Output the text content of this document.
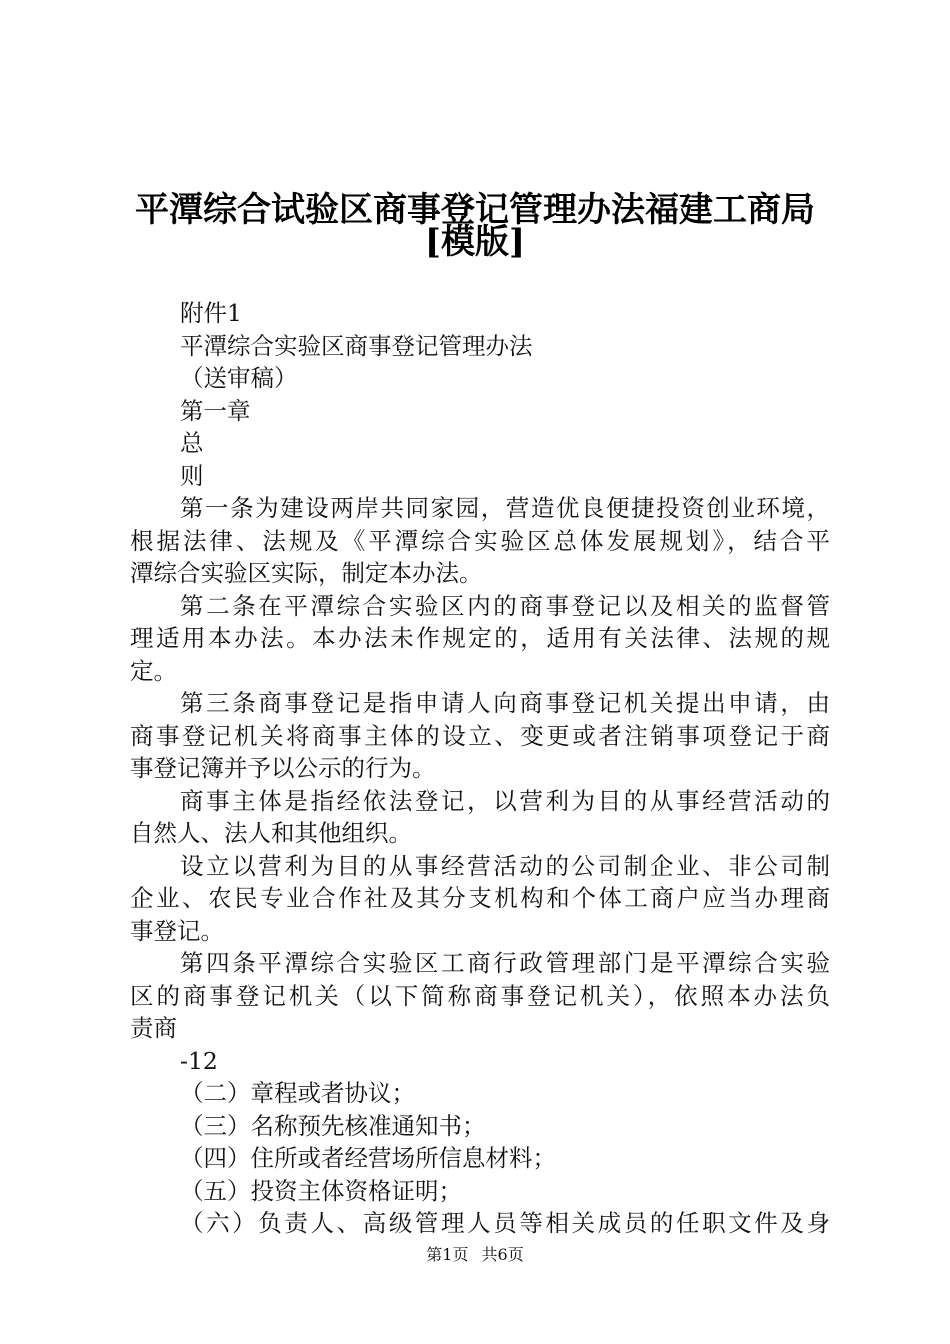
平潭综合试验区商事登记管理办法福建工商局
[模版]
附件1
平潭综合实验区商事登记管理办法
（送审稿）
第一章
总
则
第一条为建设两岸共同家园，营造优良便捷投资创业环境，
根据法律、法规及《平潭综合实验区总体发展规划》，结合平
潭综合实验区实际，制定本办法。
第二条在平潭综合实验区内的商事登记以及相关的监督管
理适用本办法。本办法未作规定的，适用有关法律、法规的规
定。
第三条商事登记是指申请人向商事登记机关提出申请，由
商事登记机关将商事主体的设立、变更或者注销事项登记于商
事登记簿并予以公示的行为。
商事主体是指经依法登记，以营利为目的从事经营活动的
自然人、法人和其他组织。
设立以营利为目的从事经营活动的公司制企业、非公司制
企业、农民专业合作社及其分支机构和个体工商户应当办理商
事登记。
第四条平潭综合实验区工商行政管理部门是平潭综合实验
区的商事登记机关（以下简称商事登记机关），依照本办法负
责商
-12
（二）章程或者协议；
（三）名称预先核准通知书；
（四）住所或者经营场所信息材料；
（五）投资主体资格证明；
（六）负责人、高级管理人员等相关成员的任职文件及身
第1页 共6页
